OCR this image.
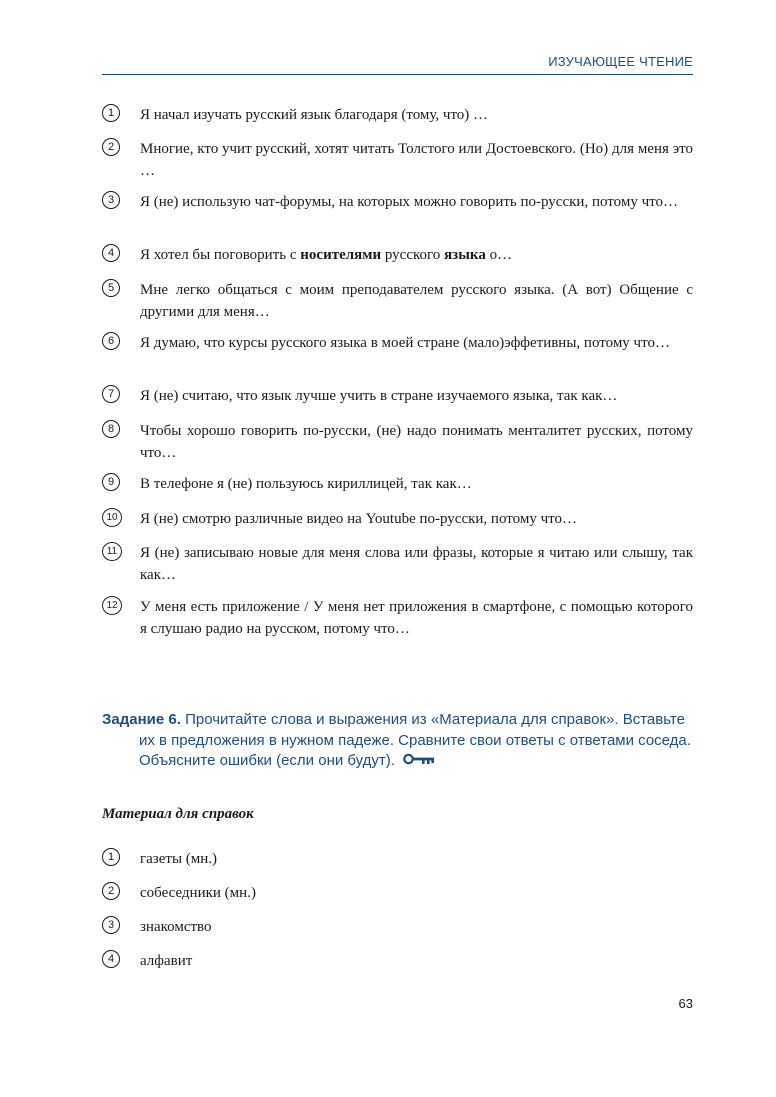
ИЗУЧАЮЩЕЕ ЧТЕНИЕ
1	Я начал изучать русский язык благодаря (тому, что) …
2	Многие, кто учит русский, хотят читать Толстого или Достоевского. (Но) для меня это …
3	Я (не) использую чат-форумы, на которых можно говорить по-русски, потому что…
4	Я хотел бы поговорить с носителями русского языка о…
5	Мне легко общаться с моим преподавателем русского языка. (А вот) Общение с другими для меня…
6	Я думаю, что курсы русского языка в моей стране (мало)эффетивны, потому что…
7	Я (не) считаю, что язык лучше учить в стране изучаемого языка, так как…
8	Чтобы хорошо говорить по-русски, (не) надо понимать менталитет русских, потому что…
9	В телефоне я (не) пользуюсь кириллицей, так как…
10 Я (не) смотрю различные видео на Youtube по-русски, потому что…
11	Я (не) записываю новые для меня слова или фразы, которые я читаю или слышу, так как…
12 У меня есть приложение / У меня нет приложения в смартфоне, с помощью которого я слушаю радио на русском, потому что…
Задание 6. Прочитайте слова и выражения из «Материала для справок». Вставьте
их в предложения в нужном падеже. Сравните свои ответы с ответами соседа.
Объясните ошибки (если они будут).
Материал для справок
1	газеты (мн.)
2	собеседники (мн.)
3	знакомство
4	алфавит
63
